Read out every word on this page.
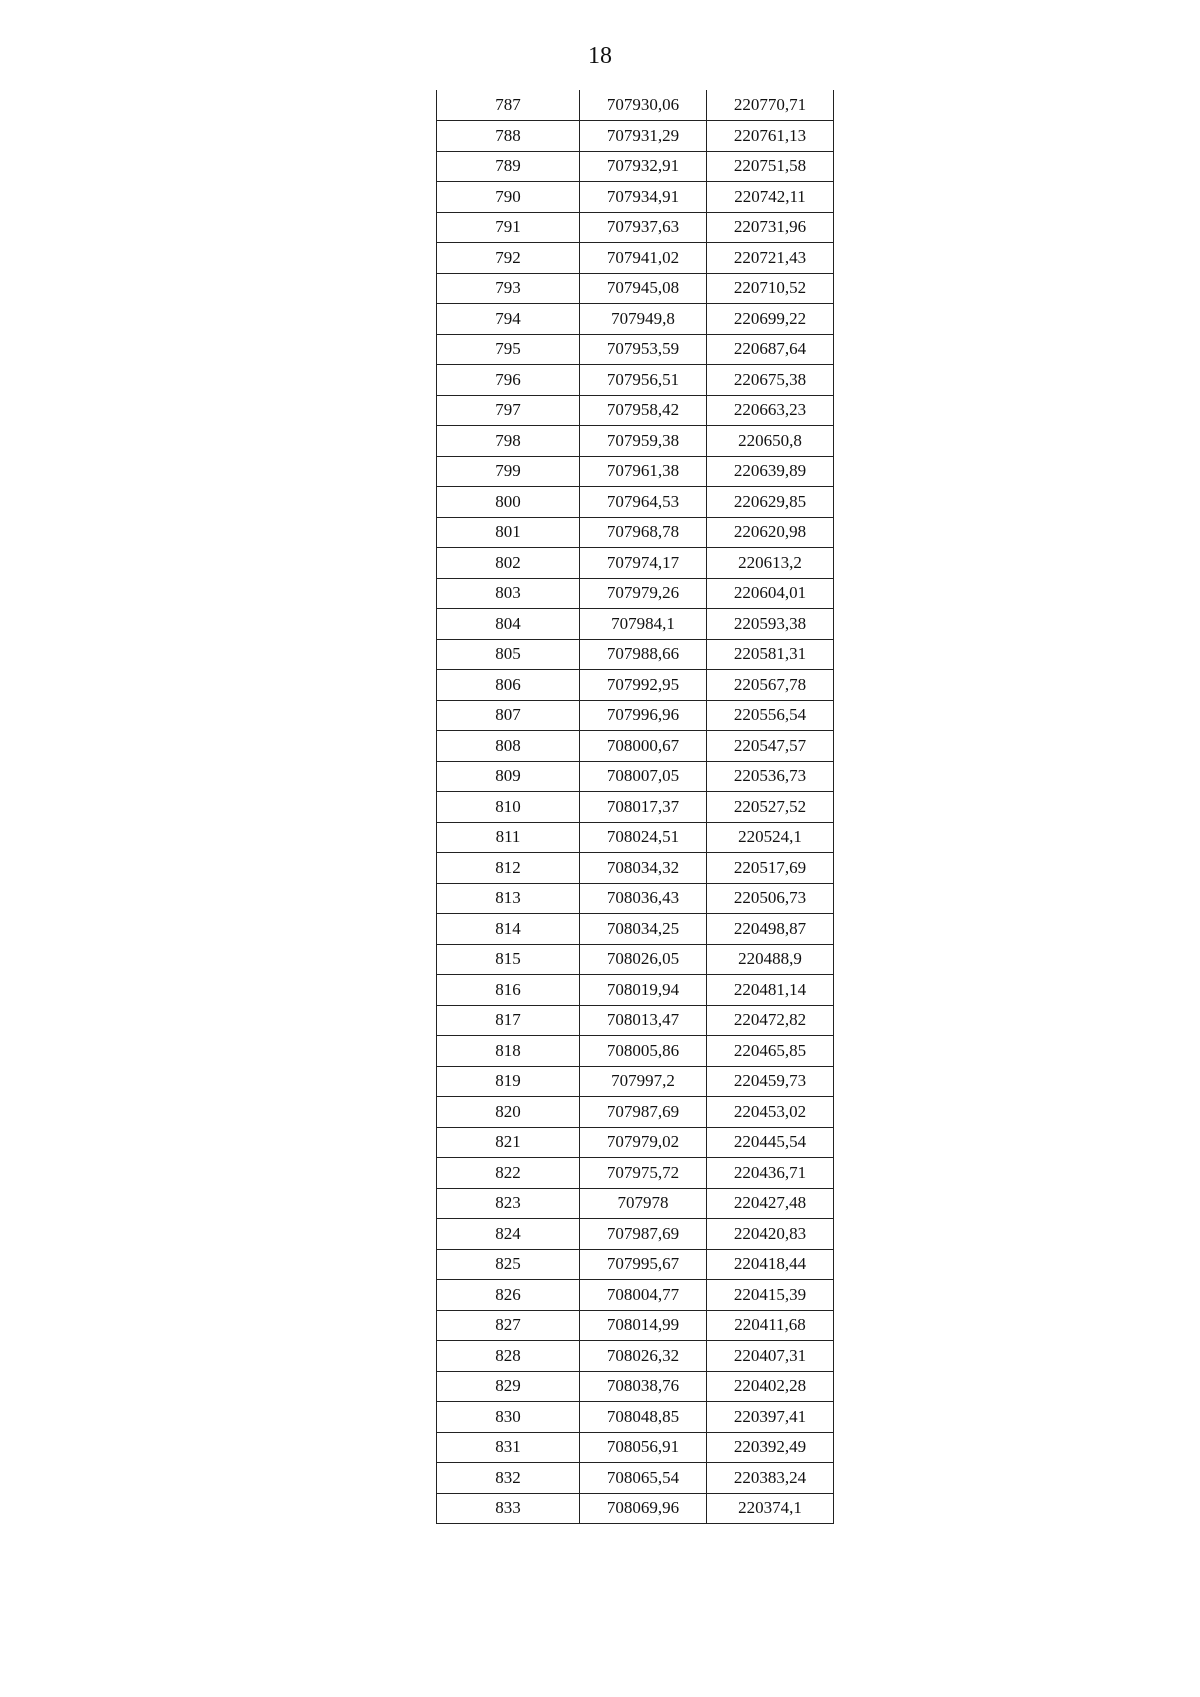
18
787	707930,06	220770,71
788	707931,29	220761,13
789	707932,91	220751,58
790	707934,91	220742,11
791	707937,63	220731,96
792	707941,02	220721,43
793	707945,08	220710,52
794	707949,8	220699,22
795	707953,59	220687,64
796	707956,51	220675,38
797	707958,42	220663,23
798	707959,38	220650,8
799	707961,38	220639,89
800	707964,53	220629,85
801	707968,78	220620,98
802	707974,17	220613,2
803	707979,26	220604,01
804	707984,1	220593,38
805	707988,66	220581,31
806	707992,95	220567,78
807	707996,96	220556,54
808	708000,67	220547,57
809	708007,05	220536,73
810	708017,37	220527,52
811	708024,51	220524,1
812	708034,32	220517,69
813	708036,43	220506,73
814	708034,25	220498,87
815	708026,05	220488,9
816	708019,94	220481,14
817	708013,47	220472,82
818	708005,86	220465,85
819	707997,2	220459,73
820	707987,69	220453,02
821	707979,02	220445,54
822	707975,72	220436,71
823	707978	220427,48
824	707987,69	220420,83
825	707995,67	220418,44
826	708004,77	220415,39
827	708014,99	220411,68
828	708026,32	220407,31
829	708038,76	220402,28
830	708048,85	220397,41
831	708056,91	220392,49
832	708065,54	220383,24
833	708069,96	220374,1
